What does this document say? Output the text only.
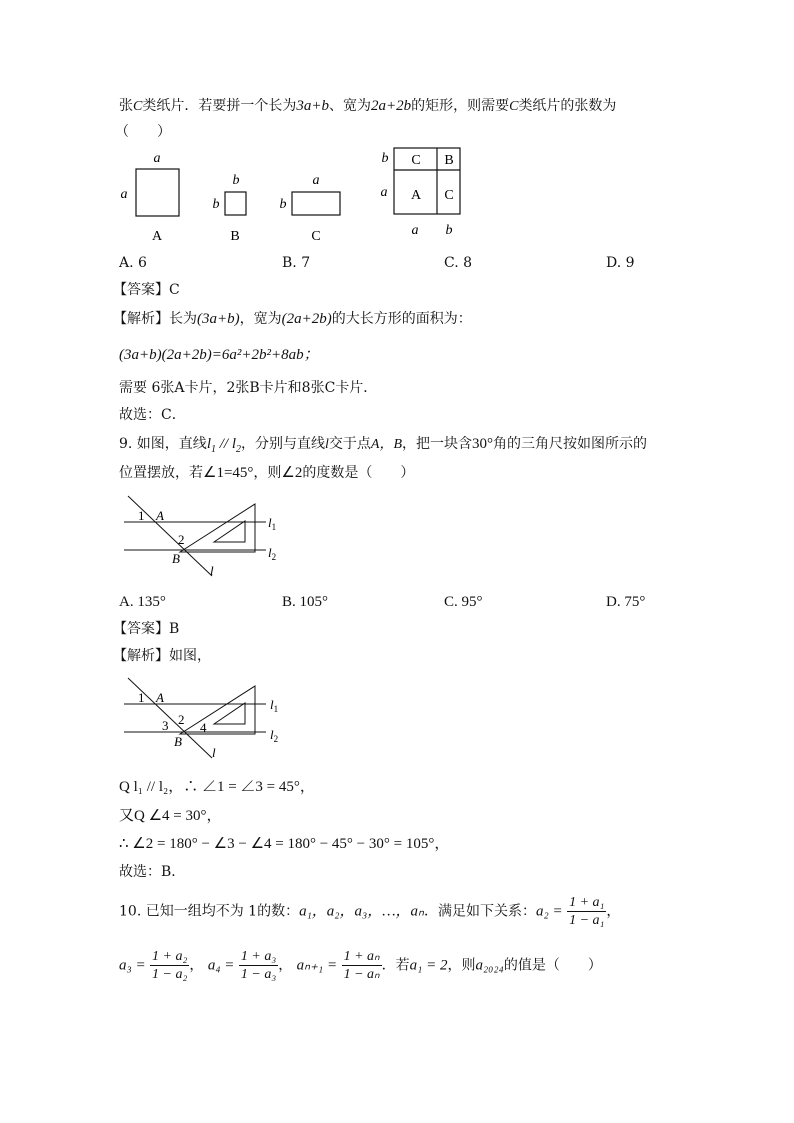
张C类纸片．若要拼一个长为3a+b、宽为2a+2b的矩形，则需要C类纸片的张数为
（　　）
a
a
A
b
b
B
a
b
C
C B
A C
b
a
a b
A. 6	B. 7	C. 8	D. 9
【答案】C
【解析】长为(3a+b)，宽为(2a+2b)的大长方形的面积为：
(3a+b)(2a+2b)=6a²+2b²+8ab；
需要 6张A卡片，2张B卡片和8张C卡片．
故选：C．
9. 如图，直线$l_1 // l_2$，分别与直线l交于点A，B，把一块含30°角的三角尺按如图所示的
位置摆放，若∠1=45°，则∠2的度数是（　　）
1 A
2
B
l
$l_1$
$l_2$
A. 135°	B. 105°	C. 95°	D. 75°
【答案】B
【解析】如图，
1 A
3 2
4
B
l
$l_1$
$l_2$
Q l₁ // l₂，∴ ∠1 = ∠3 = 45°，
又Q ∠4 = 30°，
∴ ∠2 = 180° − ∠3 − ∠4 = 180° − 45° − 30° = 105°，
故选：B．
10. 已知一组均不为 1的数：a₁，a₂，a₃，…，aₙ．满足如下关系：$a_2 = \frac{\text{1 + a₁}}{\text{1 − a₁}}$ ，
$a_3 = \frac{\text{1 + a₂}}{\text{1 − a₂}}$ ， $a_4 = \frac{\text{1 + a₃}}{\text{1 − a₃}}$ ， $a_{n+1} = \frac{\text{1 + aₙ}}{\text{1 − aₙ}}$ ．若a₁ = 2，则a₂₀₂₄的值是（　　）
